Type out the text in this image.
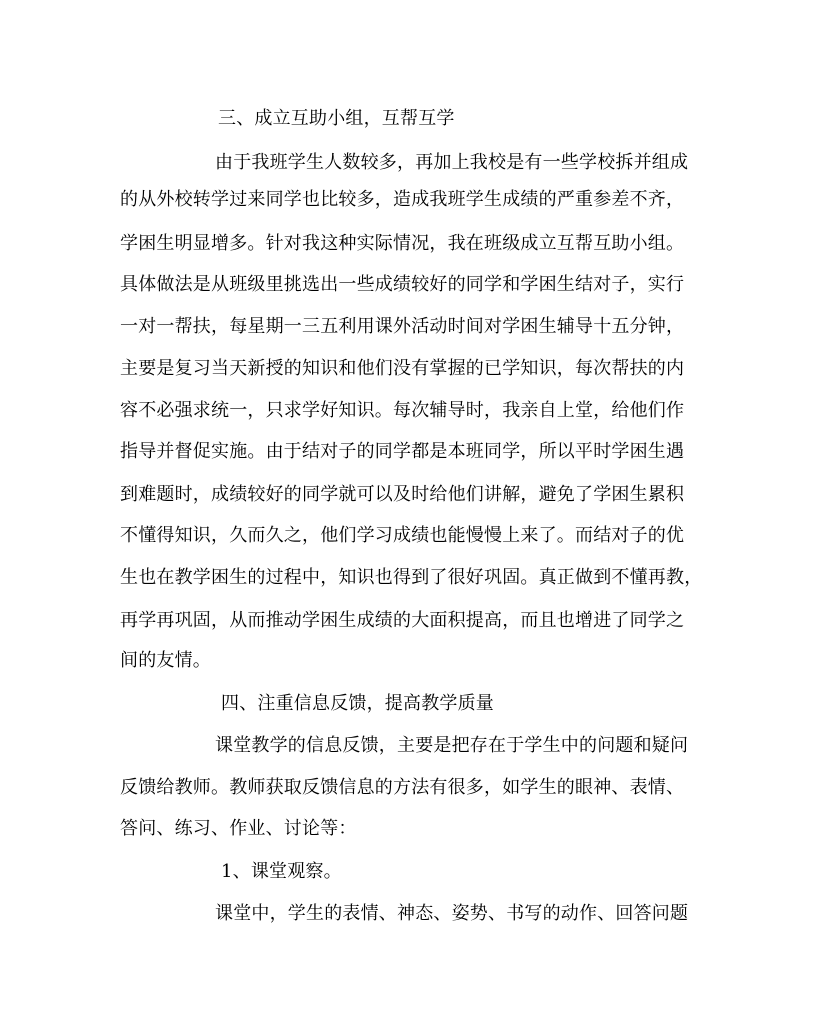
三、成立互助小组，互帮互学
由于我班学生人数较多，再加上我校是有一些学校拆并组成
的从外校转学过来同学也比较多，造成我班学生成绩的严重参差不齐，
学困生明显增多。针对我这种实际情况，我在班级成立互帮互助小组。
具体做法是从班级里挑选出一些成绩较好的同学和学困生结对子，实行
一对一帮扶，每星期一三五利用课外活动时间对学困生辅导十五分钟，
主要是复习当天新授的知识和他们没有掌握的已学知识，每次帮扶的内
容不必强求统一，只求学好知识。每次辅导时，我亲自上堂，给他们作
指导并督促实施。由于结对子的同学都是本班同学，所以平时学困生遇
到难题时，成绩较好的同学就可以及时给他们讲解，避免了学困生累积
不懂得知识，久而久之，他们学习成绩也能慢慢上来了。而结对子的优
生也在教学困生的过程中，知识也得到了很好巩固。真正做到不懂再教，
再学再巩固，从而推动学困生成绩的大面积提高，而且也增进了同学之
间的友情。
四、注重信息反馈，提高教学质量
课堂教学的信息反馈，主要是把存在于学生中的问题和疑问
反馈给教师。教师获取反馈信息的方法有很多，如学生的眼神、表情、
答问、练习、作业、讨论等：
1、课堂观察。
课堂中，学生的表情、神态、姿势、书写的动作、回答问题
